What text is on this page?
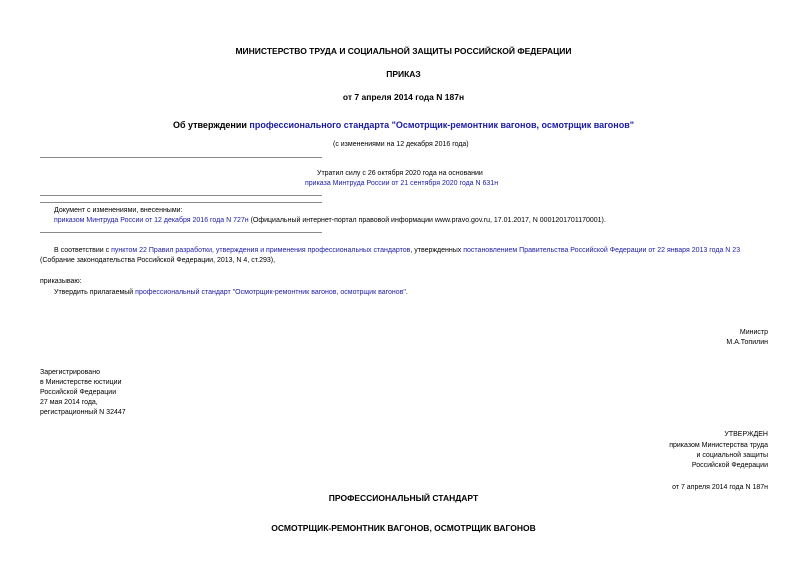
МИНИСТЕРСТВО ТРУДА И СОЦИАЛЬНОЙ ЗАЩИТЫ РОССИЙСКОЙ ФЕДЕРАЦИИ
ПРИКАЗ
от 7 апреля 2014 года N 187н
Об утверждении профессионального стандарта "Осмотрщик-ремонтник вагонов, осмотрщик вагонов"
(с изменениями на 12 декабря 2016 года)
Утратил силу с 26 октября 2020 года на основании
приказа Минтруда России от 21 сентября 2020 года N 631н
Документ с изменениями, внесенными:
приказом Минтруда России от 12 декабря 2016 года N 727н (Официальный интернет-портал правовой информации www.pravo.gov.ru, 17.01.2017, N 0001201701170001).
В соответствии с пунктом 22 Правил разработки, утверждения и применения профессиональных стандартов, утвержденных постановлением Правительства Российской Федерации от 22 января 2013 года N 23
(Собрание законодательства Российской Федерации, 2013, N 4, ст.293),
приказываю:
Утвердить прилагаемый профессиональный стандарт "Осмотрщик-ремонтник вагонов, осмотрщик вагонов".
Министр
М.А.Топилин
Зарегистрировано
в Министерстве юстиции
Российской Федерации
27 мая 2014 года,
регистрационный N 32447
УТВЕРЖДЕН
приказом Министерства труда
и социальной защиты
Российской Федерации
от 7 апреля 2014 года N 187н
ПРОФЕССИОНАЛЬНЫЙ СТАНДАРТ
ОСМОТРЩИК-РЕМОНТНИК ВАГОНОВ, ОСМОТРЩИК ВАГОНОВ
